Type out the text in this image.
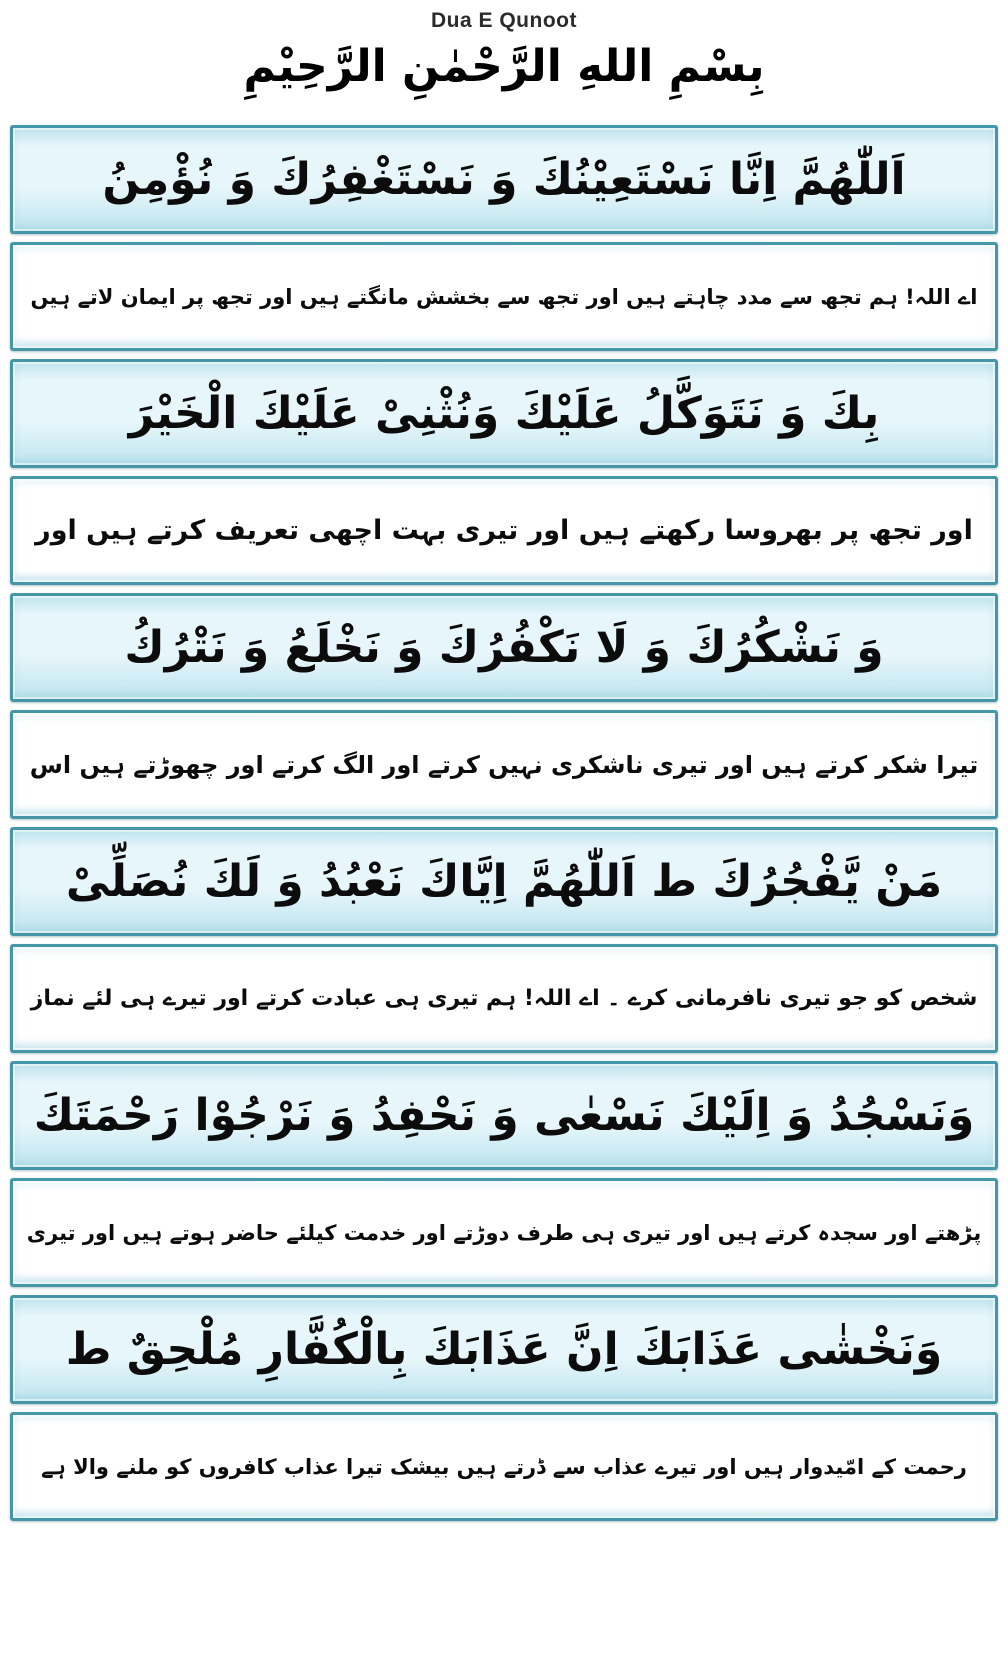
Dua E Qunoot
بِسْمِ اللهِ الرَّحْمٰنِ الرَّحِيْمِ
اَللّٰهُمَّ اِنَّا نَسْتَعِيْنُكَ وَ نَسْتَغْفِرُكَ وَ نُؤْمِنُ
اے اللہ! ہم تجھ سے مدد چاہتے ہیں اور تجھ سے بخشش مانگتے ہیں اور تجھ پر ایمان لاتے ہیں
بِكَ وَ نَتَوَكَّلُ عَلَيْكَ وَنُثْنِىْ عَلَيْكَ الْخَيْرَ
اور تجھ پر بھروسا رکھتے ہیں اور تیری بہت اچھی تعریف کرتے ہیں اور
وَ نَشْكُرُكَ وَ لَا نَكْفُرُكَ وَ نَخْلَعُ وَ نَتْرُكُ
تیرا شکر کرتے ہیں اور تیری ناشکری نہیں کرتے اور الگ کرتے اور چھوڑتے ہیں اس
مَنْ يَّفْجُرُكَ ط اَللّٰهُمَّ اِيَّاكَ نَعْبُدُ وَ لَكَ نُصَلِّىْ
شخص کو جو تیری نافرمانی کرے ۔ اے اللہ! ہم تیری ہی عبادت کرتے اور تیرے ہی لئے نماز
وَنَسْجُدُ وَ اِلَيْكَ نَسْعٰى وَ نَحْفِدُ وَ نَرْجُوْا رَحْمَتَكَ
پڑھتے اور سجدہ کرتے ہیں اور تیری ہی طرف دوڑتے اور خدمت کیلئے حاضر ہوتے ہیں اور تیری
وَنَخْشٰى عَذَابَكَ اِنَّ عَذَابَكَ بِالْكُفَّارِ مُلْحِقٌ ط
رحمت کے امّیدوار ہیں اور تیرے عذاب سے ڈرتے ہیں بیشک تیرا عذاب کافروں کو ملنے والا ہے
